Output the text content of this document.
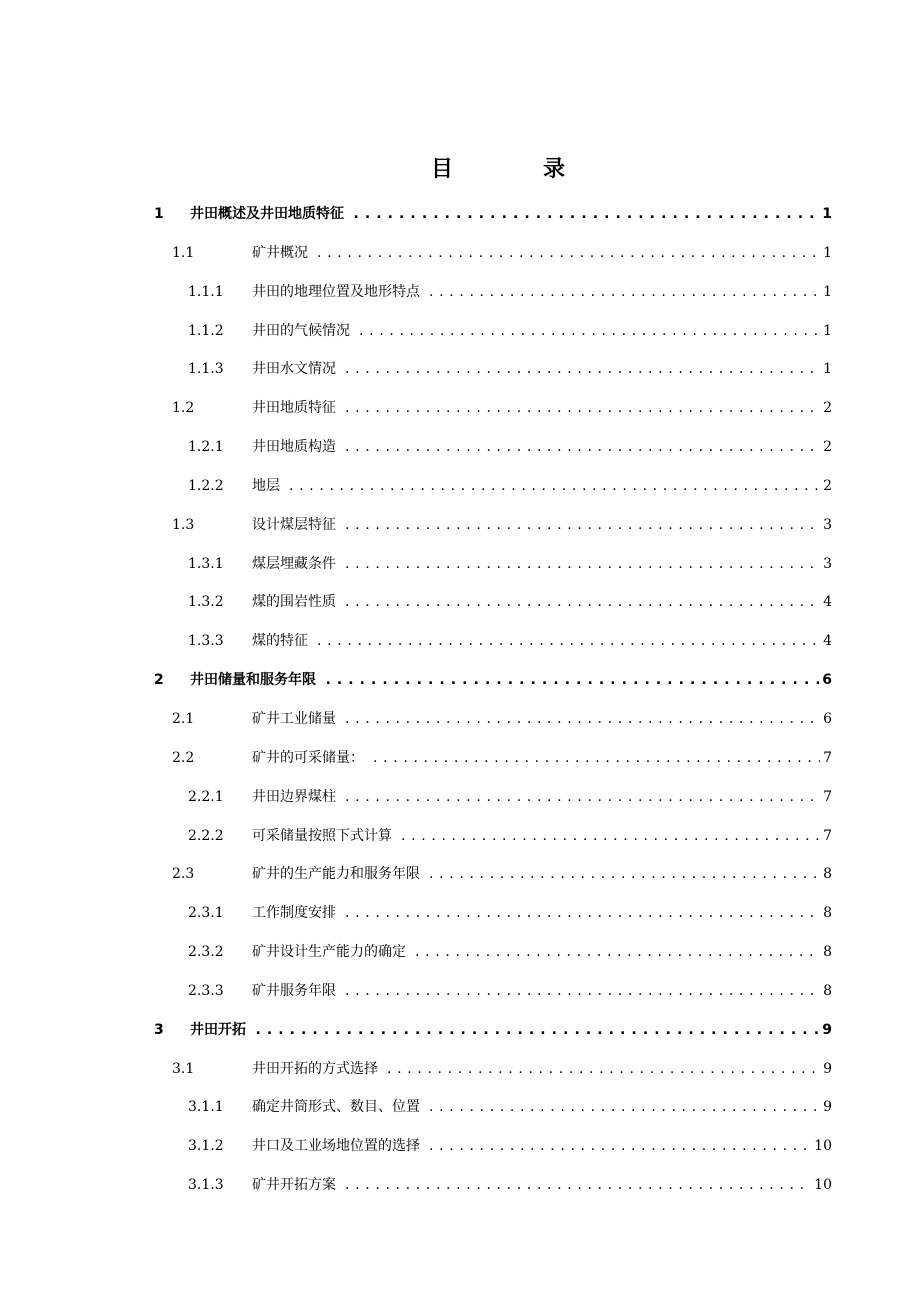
目　录
1 井田概述及井田地质特征 . . .	1
1.1	矿井概况 . . .	1
1.1.1 井田的地理位置及地形特点 . . .	1
1.1.2 井田的气候情况 . . .	1
1.1.3 井田水文情况 . . .	1
1.2	井田地质特征 . . .	2
1.2.1 井田地质构造 . . .	2
1.2.2 地层 . . .	2
1.3	设计煤层特征 . . .	3
1.3.1 煤层埋藏条件 . . .	3
1.3.2 煤的围岩性质 . . .	4
1.3.3 煤的特征 . . .	4
2 井田储量和服务年限 . . .	6
2.1	矿井工业储量 . . .	6
2.2	矿井的可采储量： . . .	7
2.2.1 井田边界煤柱 . . .	7
2.2.2 可采储量按照下式计算 . . .	7
2.3	矿井的生产能力和服务年限 . . .	8
2.3.1 工作制度安排 . . .	8
2.3.2 矿井设计生产能力的确定 . . .	8
2.3.3 矿井服务年限 . . .	8
3 井田开拓 . . .	9
3.1	井田开拓的方式选择 . . .	9
3.1.1 确定井筒形式、数目、位置 . . .	9
3.1.2 井口及工业场地位置的选择 . . .	10
3.1.3 矿井开拓方案 . . .	10
